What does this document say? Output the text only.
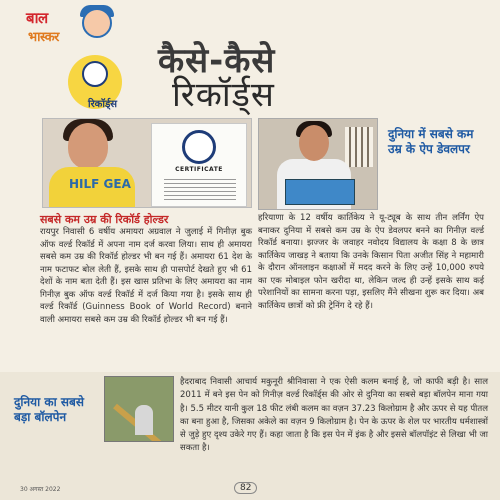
बाल
भास्कर
रिकॉर्ड्स
कैसे-कैसे
रिकॉर्ड्स
HILF GEA
CERTIFICATE
दुनिया में सबसे कम उम्र के ऐप डेवलपर
सबसे कम उम्र की रिकॉर्ड होल्डर
रायपुर निवासी 6 वर्षीय अमायरा अग्रवाल ने जुलाई में गिनीज़ बुक ऑफ वर्ल्ड रिकॉर्ड में अपना नाम दर्ज करवा लिया। साथ ही अमायरा सबसे कम उम्र की रिकॉर्ड होल्डर भी बन गई हैं। अमायरा 61 देश के नाम फटाफट बोल लेती हैं, इसके साथ ही पासपोर्ट देखते हुए भी 61 देशों के नाम बता देती हैं। इस खास प्रतिभा के लिए अमायरा का नाम गिनीज़ बुक ऑफ वर्ल्ड रिकॉर्ड में दर्ज किया गया है। इसके साथ ही वर्ल्ड रिकॉर्ड (Guinness Book of World Record) बनाने वाली अमायरा सबसे कम उम्र की रिकॉर्ड होल्डर भी बन गई हैं।
हरियाणा के 12 वर्षीय कार्तिकेय ने यू-ट्यूब के साथ तीन लर्निंग ऐप बनाकर दुनिया में सबसे कम उम्र के ऐप डेवलपर बनने का गिनीज़ वर्ल्ड रिकॉर्ड बनाया। झज्जर के जवाहर नवोदय विद्यालय के कक्षा 8 के छात्र कार्तिकेय जाखड़ ने बताया कि उनके किसान पिता अजीत सिंह ने महामारी के दौरान ऑनलाइन कक्षाओं में मदद करने के लिए उन्हें 10,000 रुपये का एक मोबाइल फोन खरीदा था, लेकिन जल्द ही उन्हें इसके साथ कई परेशानियों का सामना करना पड़ा, इसलिए मैंने सीखना शुरू कर दिया। अब कार्तिकेय छात्रों को फ्री ट्रेनिंग दे रहे हैं।
दुनिया का सबसे बड़ा बॉलपेन
हैदराबाद निवासी आचार्य मकुनूरी श्रीनिवासा ने एक ऐसी कलम बनाई है, जो काफी बड़ी है। साल 2011 में बने इस पेन को गिनीज़ वर्ल्ड रिकॉर्ड्स की ओर से दुनिया का सबसे बड़ा बॉलपेन माना गया है। 5.5 मीटर यानी कुल 18 फीट लंबी कलम का वज़न 37.23 किलोग्राम है और ऊपर से यह पीतल का बना हुआ है, जिसका अकेले का वज़न 9 किलोग्राम है। पेन के ऊपर के शेल पर भारतीय धर्मशास्त्रों से जुड़े हुए दृश्य उकेरे गए हैं। कहा जाता है कि इस पेन में इंक है और इससे बॉलपॉइंट से लिखा भी जा सकता है।
30 अगस्त 2022	82
